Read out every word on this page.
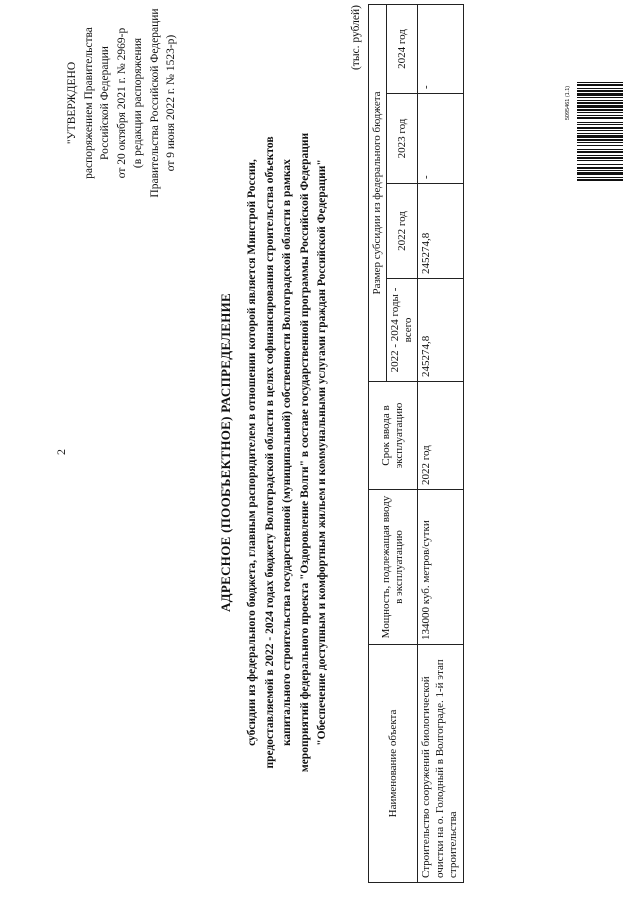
2
"УТВЕРЖДЕНО распоряжением Правительства Российской Федерации от 20 октября 2021 г. № 2969-р (в редакции распоряжения Правительства Российской Федерации от 9 июня 2022 г. № 1523-р)
АДРЕСНОЕ (ПООБЪЕКТНОЕ) РАСПРЕДЕЛЕНИЕ субсидии из федерального бюджета, главным распорядителем в отношении которой является Минстрой России, предоставляемой в 2022 - 2024 годах бюджету Волгоградской области в целях софинансирования строительства объектов капитального строительства государственной (муниципальной) собственности Волгоградской области в рамках мероприятий федерального проекта "Оздоровление Волги" в составе государственной программы Российской Федерации "Обеспечение доступным и комфортным жильем и коммунальными услугами граждан Российской Федерации"
(тыс. рублей)
Наименование объекта	Мощность, подлежащая вводу в эксплуатацию	Срок ввода в эксплуатацию	Размер субсидии из федерального бюджета			
			2022 - 2024 годы - всего	2022 год	2023 год	2024 год
Строительство сооружений биологической очистки на о. Голодный в Волгограде. 1-й этап строительства	134000 куб. метров/сутки	2022 год	245274,8	245274,8	-	-	5095461 (1.1)
